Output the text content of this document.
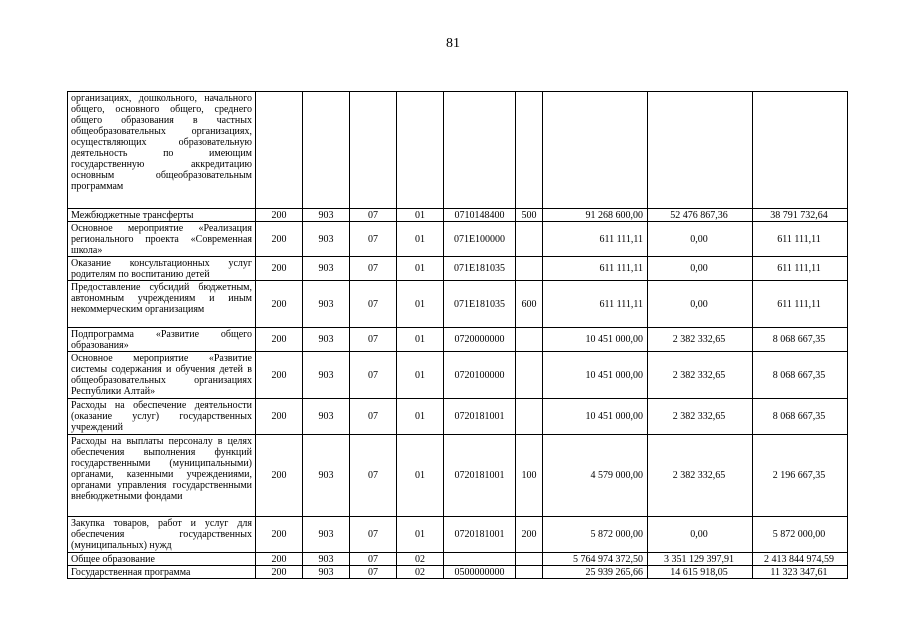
81
организациях, дошкольного, начального общего, основного общего, среднего общего образования в частных общеобразовательных организациях, осуществляющих образовательную деятельность по имеющим государственную аккредитацию основным общеобразовательным программам									
Межбюджетные трансферты	200	903	07	01	0710148400	500	91 268 600,00	52 476 867,36	38 791 732,64
Основное мероприятие «Реализация регионального проекта «Современная школа»	200	903	07	01	071E100000		611 111,11	0,00	611 111,11
Оказание консультационных услуг родителям по воспитанию детей	200	903	07	01	071E181035		611 111,11	0,00	611 111,11
Предоставление субсидий бюджетным, автономным учреждениям и иным некоммерческим организациям	200	903	07	01	071E181035	600	611 111,11	0,00	611 111,11
Подпрограмма «Развитие общего образования»	200	903	07	01	0720000000		10 451 000,00	2 382 332,65	8 068 667,35
Основное мероприятие «Развитие системы содержания и обучения детей в общеобразовательных организациях Республики Алтай»	200	903	07	01	0720100000		10 451 000,00	2 382 332,65	8 068 667,35
Расходы на обеспечение деятельности (оказание услуг) государственных учреждений	200	903	07	01	0720181001		10 451 000,00	2 382 332,65	8 068 667,35
Расходы на выплаты персоналу в целях обеспечения выполнения функций государственными (муниципальными) органами, казенными учреждениями, органами управления государственными внебюджетными фондами	200	903	07	01	0720181001	100	4 579 000,00	2 382 332,65	2 196 667,35
Закупка товаров, работ и услуг для обеспечения государственных (муниципальных) нужд	200	903	07	01	0720181001	200	5 872 000,00	0,00	5 872 000,00
Общее образование	200	903	07	02			5 764 974 372,50	3 351 129 397,91	2 413 844 974,59
Государственная программа	200	903	07	02	0500000000		25 939 265,66	14 615 918,05	11 323 347,61
